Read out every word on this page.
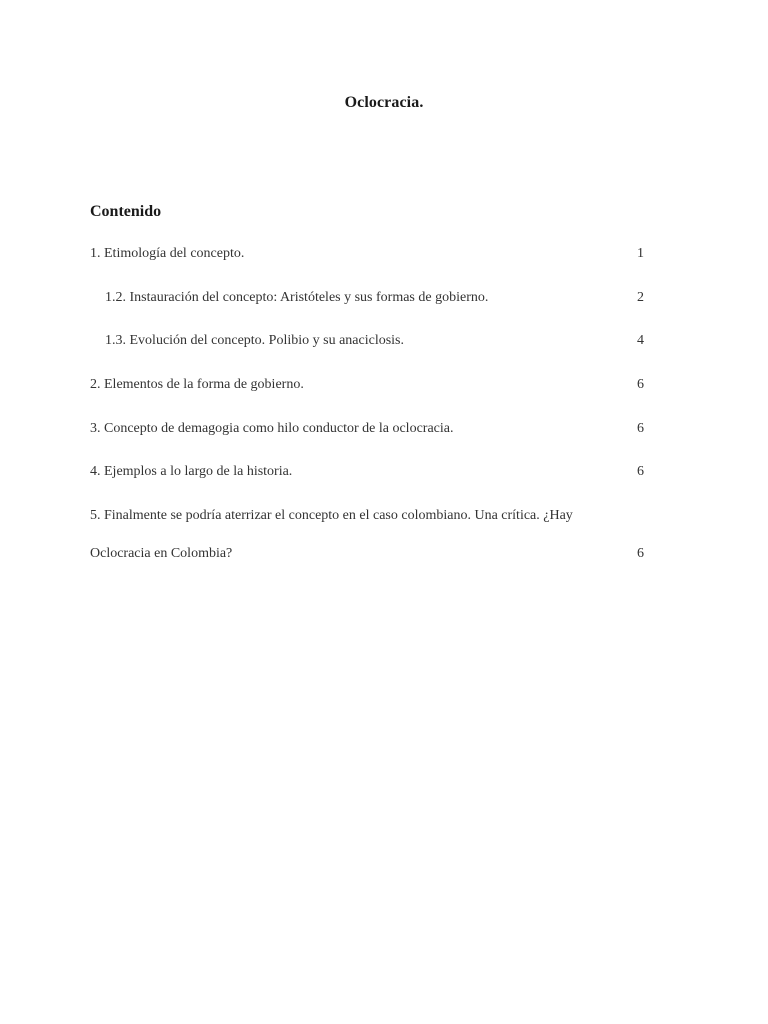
Oclocracia.
Contenido
1. Etimología del concepto.	1
1.2. Instauración del concepto: Aristóteles y sus formas de gobierno.	2
1.3. Evolución del concepto. Polibio y su anaciclosis.	4
2. Elementos de la forma de gobierno.	6
3. Concepto de demagogia como hilo conductor de la oclocracia.	6
4. Ejemplos a lo largo de la historia.	6
5. Finalmente se podría aterrizar el concepto en el caso colombiano. Una crítica. ¿Hay
Oclocracia en Colombia?	6
